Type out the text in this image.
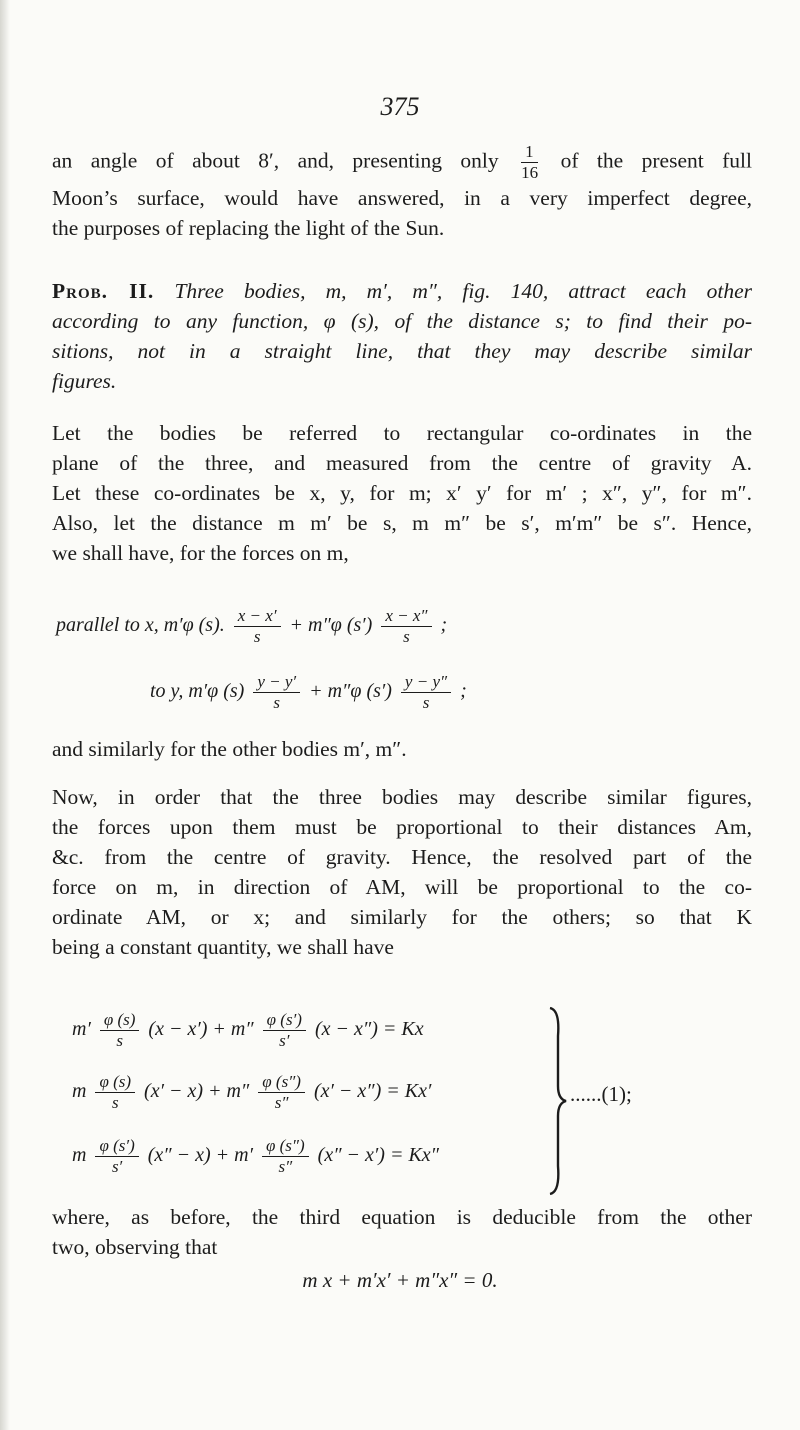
375
an angle of about 8′, and, presenting only $\frac{1}{16}$ of the present full
Moon’s surface, would have answered, in a very imperfect degree,
the purposes of replacing the light of the Sun.
Prob. II. Three bodies, m, m′, m″, fig. 140, attract each other
according to any function, φ (s), of the distance s; to find their po-
sitions, not in a straight line, that they may describe similar
figures.
Let the bodies be referred to rectangular co-ordinates in the
plane of the three, and measured from the centre of gravity A.
Let these co-ordinates be x, y, for m; x′ y′ for m′ ; x″, y″, for m″.
Also, let the distance m m′ be s, m m″ be s′, m′m″ be s″. Hence,
we shall have, for the forces on m,
parallel to x, m′φ (s). $\frac{x - x'}{s} + m''\varphi$ $(s') \frac{x - x''}{s}$ ;
to y, m′φ $(s) \frac{y - y'}{s} + m''\varphi$ $(s') \frac{y - y''}{s}$ ;
and similarly for the other bodies m′, m″.
Now, in order that the three bodies may describe similar figures,
the forces upon them must be proportional to their distances Am,
&c. from the centre of gravity. Hence, the resolved part of the
force on m, in direction of AM, will be proportional to the co-
ordinate AM, or x; and similarly for the others; so that K
being a constant quantity, we shall have
$m' \frac{\varphi (s)}{s} (x - x') + m'' \frac{\varphi (s')}{s'} (x - x'') = Kx$
m $\frac{\varphi (s)}{s} (x' - x) + m'' \frac{\varphi (s'')}{s''} (x' - x'') = Kx'$
m $\frac{\varphi (s')}{s'} (x'' - x) + m' \frac{\varphi (s'')}{s''} (x'' - x') = Kx''$
......(1);
where, as before, the third equation is deducible from the other
two, observing that
m x + m′x′ + m″x″ = 0.
